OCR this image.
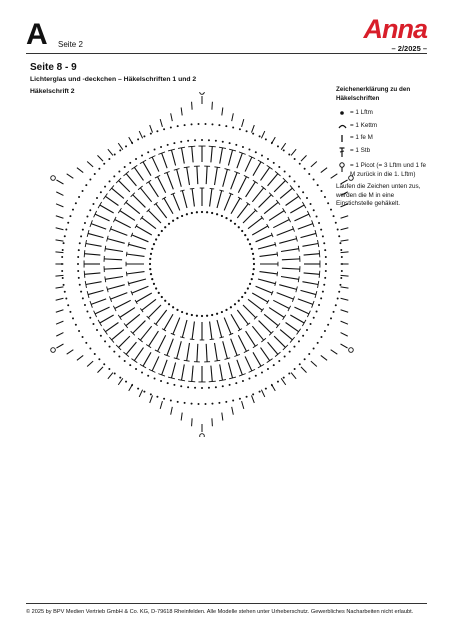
A Seite 2
Anna
– 2/2025 –
Seite 8 - 9
Lichterglas und -deckchen – Häkelschriften 1 und 2
Häkelschrift 2	Zeichenerklärung zu den Häkelschriften
= 1 Lftm
= 1 Kettm
= 1 fe M
= 1 Stb
= 1 Picot (= 3 Lftm und 1 fe M zurück in die 1. Lftm)
Laufen die Zeichen unten zus, werden die M in eine Einstichstelle gehäkelt.
© 2025 by BPV Medien Vertrieb GmbH & Co. KG, D-79618 Rheinfelden. Alle Modelle stehen unter Urheberschutz. Gewerbliches Nacharbeiten nicht erlaubt.
